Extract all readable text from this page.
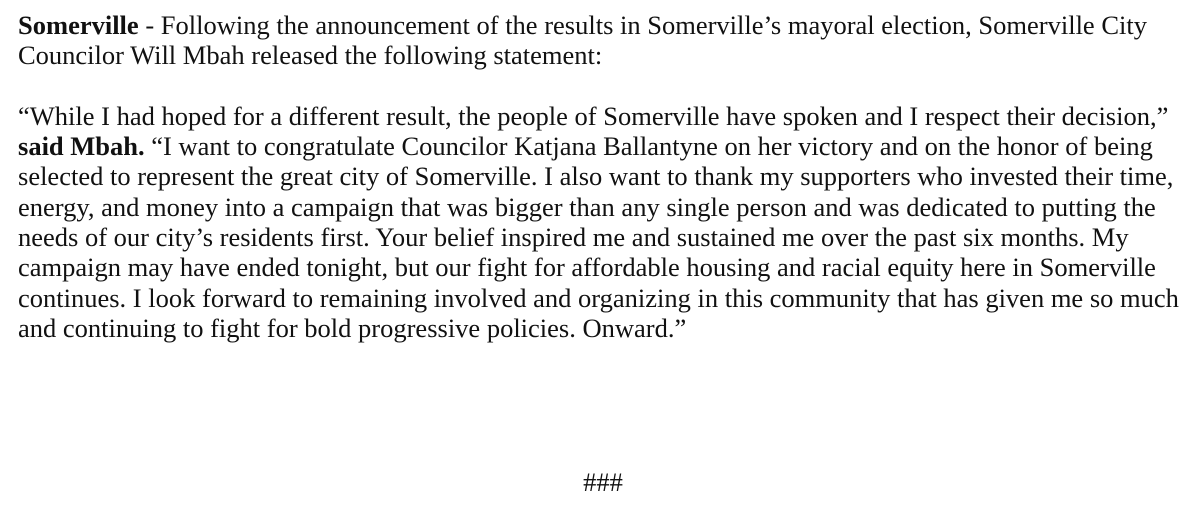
Somerville - Following the announcement of the results in Somerville’s mayoral election, Somerville City Councilor Will Mbah released the following statement:

“While I had hoped for a different result, the people of Somerville have spoken and I respect their decision,” said Mbah. “I want to congratulate Councilor Katjana Ballantyne on her victory and on the honor of being selected to represent the great city of Somerville. I also want to thank my supporters who invested their time, energy, and money into a campaign that was bigger than any single person and was dedicated to putting the needs of our city’s residents first. Your belief inspired me and sustained me over the past six months. My campaign may have ended tonight, but our fight for affordable housing and racial equity here in Somerville continues. I look forward to remaining involved and organizing in this community that has given me so much and continuing to fight for bold progressive policies. Onward.”

###
